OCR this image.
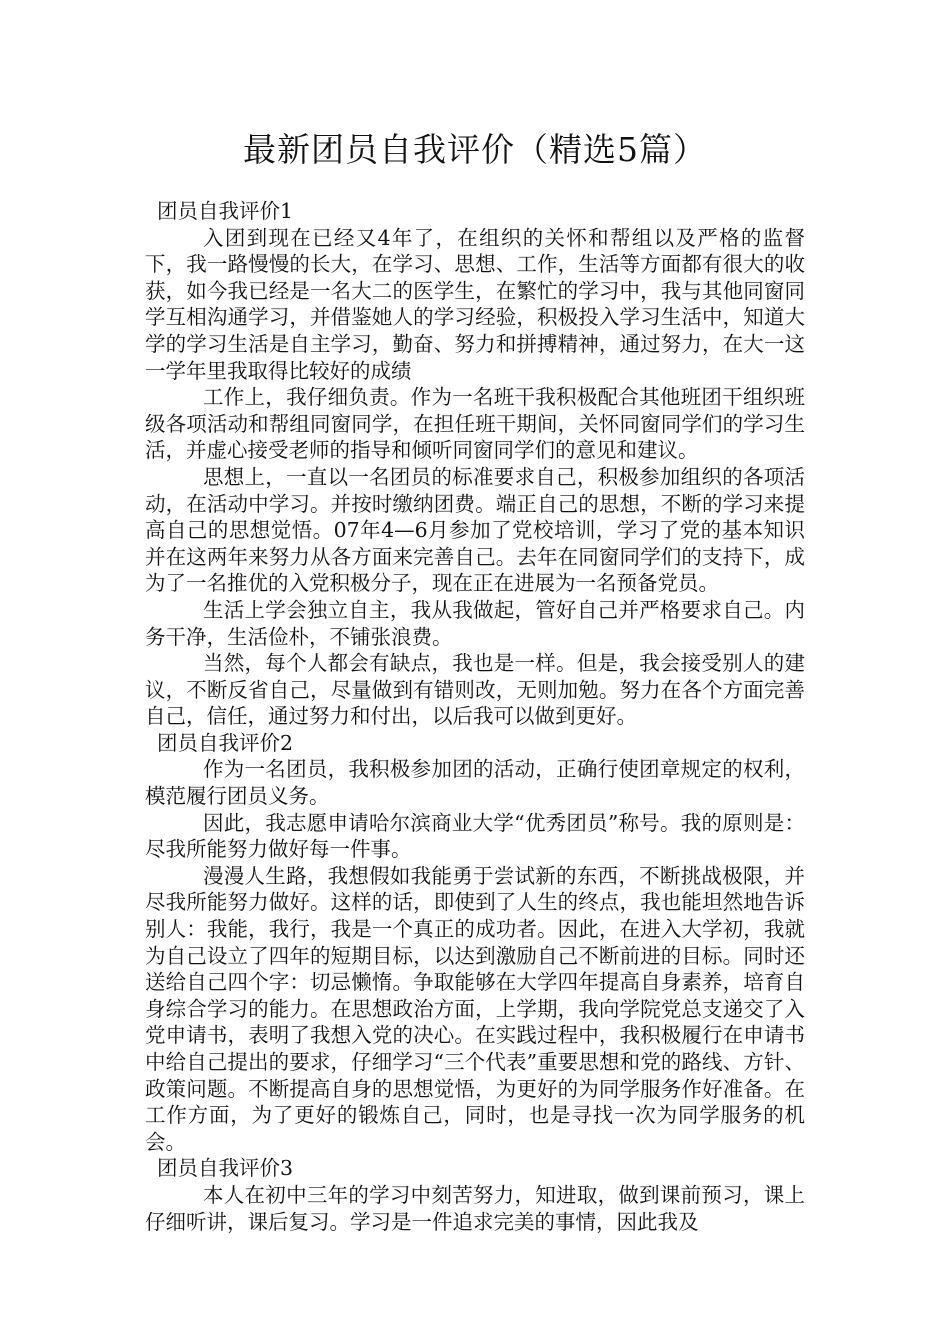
最新团员自我评价（精选5篇）
团员自我评价1

入团到现在已经又4年了，在组织的关怀和帮组以及严格的监督下，我一路慢慢的长大，在学习、思想、工作，生活等方面都有很大的收获，如今我已经是一名大二的医学生，在繁忙的学习中，我与其他同窗同学互相沟通学习，并借鉴她人的学习经验，积极投入学习生活中，知道大学的学习生活是自主学习，勤奋、努力和拼搏精神，通过努力，在大一这一学年里我取得比较好的成绩

工作上，我仔细负责。作为一名班干我积极配合其他班团干组织班级各项活动和帮组同窗同学，在担任班干期间，关怀同窗同学们的学习生活，并虚心接受老师的指导和倾听同窗同学们的意见和建议。

思想上，一直以一名团员的标准要求自己，积极参加组织的各项活动，在活动中学习。并按时缴纳团费。端正自己的思想，不断的学习来提高自己的思想觉悟。07年4—6月参加了党校培训，学习了党的基本知识并在这两年来努力从各方面来完善自己。去年在同窗同学们的支持下，成为了一名推优的入党积极分子，现在正在进展为一名预备党员。

生活上学会独立自主，我从我做起，管好自己并严格要求自己。内务干净，生活俭朴，不铺张浪费。

当然，每个人都会有缺点，我也是一样。但是，我会接受别人的建议，不断反省自己，尽量做到有错则改，无则加勉。努力在各个方面完善自己，信任，通过努力和付出，以后我可以做到更好。

团员自我评价2

作为一名团员，我积极参加团的活动，正确行使团章规定的权利，模范履行团员义务。

因此，我志愿申请哈尔滨商业大学“优秀团员”称号。我的原则是：尽我所能努力做好每一件事。

漫漫人生路，我想假如我能勇于尝试新的东西，不断挑战极限，并尽我所能努力做好。这样的话，即使到了人生的终点，我也能坦然地告诉别人：我能，我行，我是一个真正的成功者。因此，在进入大学初，我就为自己设立了四年的短期目标，以达到激励自己不断前进的目标。同时还送给自己四个字：切忌懒惰。争取能够在大学四年提高自身素养，培育自身综合学习的能力。在思想政治方面，上学期，我向学院党总支递交了入党申请书，表明了我想入党的决心。在实践过程中，我积极履行在申请书中给自己提出的要求，仔细学习“三个代表”重要思想和党的路线、方针、政策问题。不断提高自身的思想觉悟，为更好的为同学服务作好准备。在工作方面，为了更好的锻炼自己，同时，也是寻找一次为同学服务的机会。

团员自我评价3

本人在初中三年的学习中刻苦努力，知进取，做到课前预习，课上仔细听讲，课后复习。学习是一件追求完美的事情，因此我及
